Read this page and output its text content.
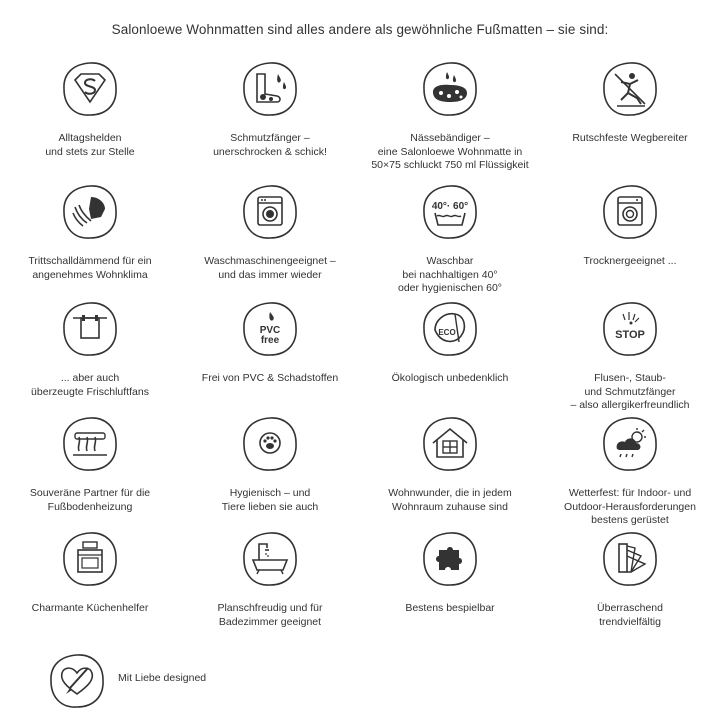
Salonloewe Wohnmatten sind alles andere als gewöhnliche Fußmatten – sie sind:
Alltagshelden
und stets zur Stelle
Schmutzfänger –
unerschrocken & schick!
Nässebändiger –
eine Salonloewe Wohnmatte in
50×75 schluckt 750 ml Flüssigkeit
Rutschfeste Wegbereiter
Trittschalldämmend für ein
angenehmes Wohnklima
Waschmaschinengeeignet –
und das immer wieder
40°· 60°
Waschbar
bei nachhaltigen 40°
oder hygienischen 60°
Trocknergeeignet ...
... aber auch
überzeugte Frischluftfans
PVC
free
Frei von PVC & Schadstoffen
ECO
Ökologisch unbedenklich
STOP
Flusen-, Staub-
und Schmutzfänger
– also allergikerfreundlich
Souveräne Partner für die
Fußbodenheizung
Hygienisch – und
Tiere lieben sie auch
Wohnwunder, die in jedem
Wohnraum zuhause sind
Wetterfest: für Indoor- und
Outdoor-Herausforderungen
bestens gerüstet
Charmante Küchenhelfer	Planschfreudig und für
Badezimmer geeignet
Bestens bespielbar	Überraschend
trendvielfältig
Mit Liebe designed
